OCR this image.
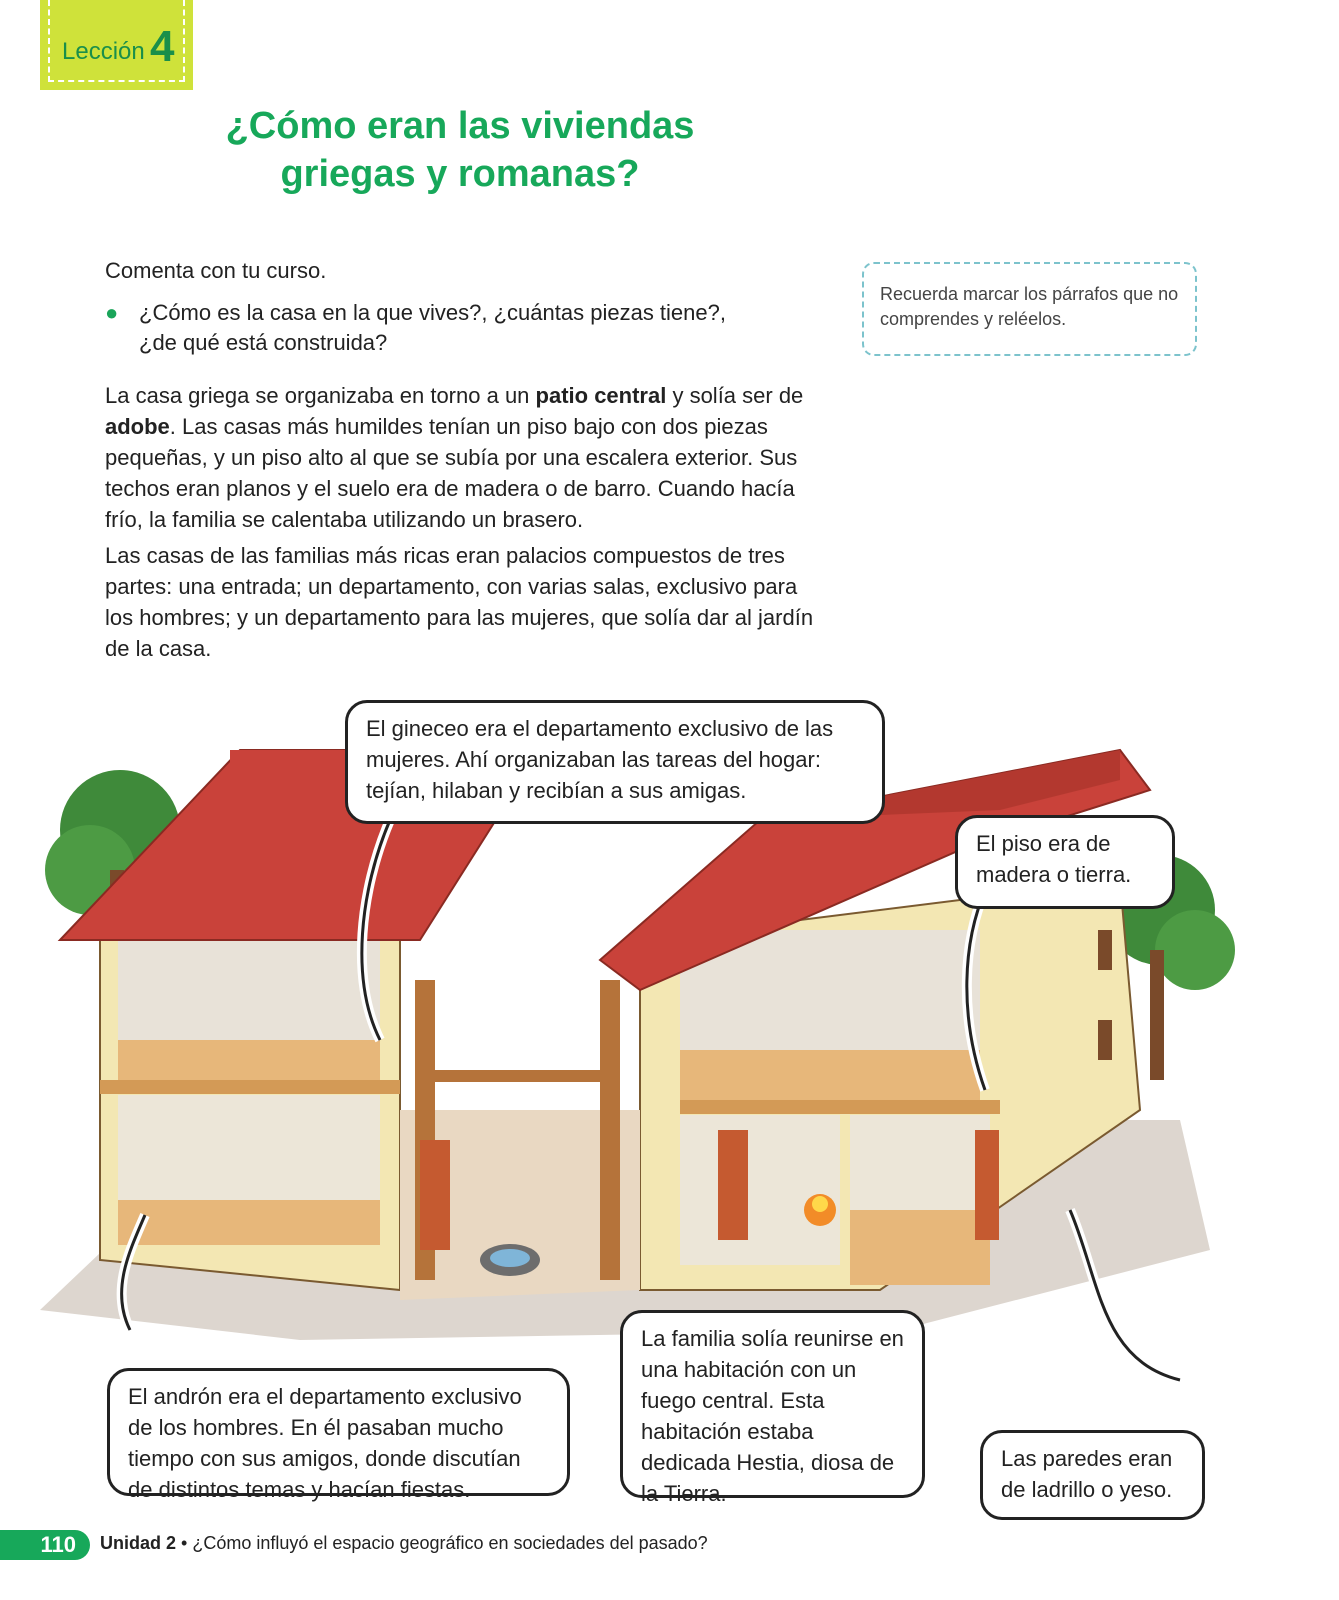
Lección 4
¿Cómo eran las viviendas
griegas y romanas?
Comenta con tu curso.
● ¿Cómo es la casa en la que vives?, ¿cuántas piezas tiene?, ¿de qué está construida?
Recuerda marcar los párrafos que no comprendes y reléelos.
La casa griega se organizaba en torno a un patio central y solía ser de adobe. Las casas más humildes tenían un piso bajo con dos piezas pequeñas, y un piso alto al que se subía por una escalera exterior. Sus techos eran planos y el suelo era de madera o de barro. Cuando hacía frío, la familia se calentaba utilizando un brasero.
Las casas de las familias más ricas eran palacios compuestos de tres partes: una entrada; un departamento, con varias salas, exclusivo para los hombres; y un departamento para las mujeres, que solía dar al jardín de la casa.
El gineceo era el departamento exclusivo de las mujeres. Ahí organizaban las tareas del hogar: tejían, hilaban y recibían a sus amigas.
El piso era de madera o tierra.
El andrón era el departamento exclusivo de los hombres. En él pasaban mucho tiempo con sus amigos, donde discutían de distintos temas y hacían fiestas.
La familia solía reunirse en una habitación con un fuego central. Esta habitación estaba dedicada Hestia, diosa de la Tierra.
Las paredes eran de ladrillo o yeso.
110	Unidad 2 • ¿Cómo influyó el espacio geográfico en sociedades del pasado?
